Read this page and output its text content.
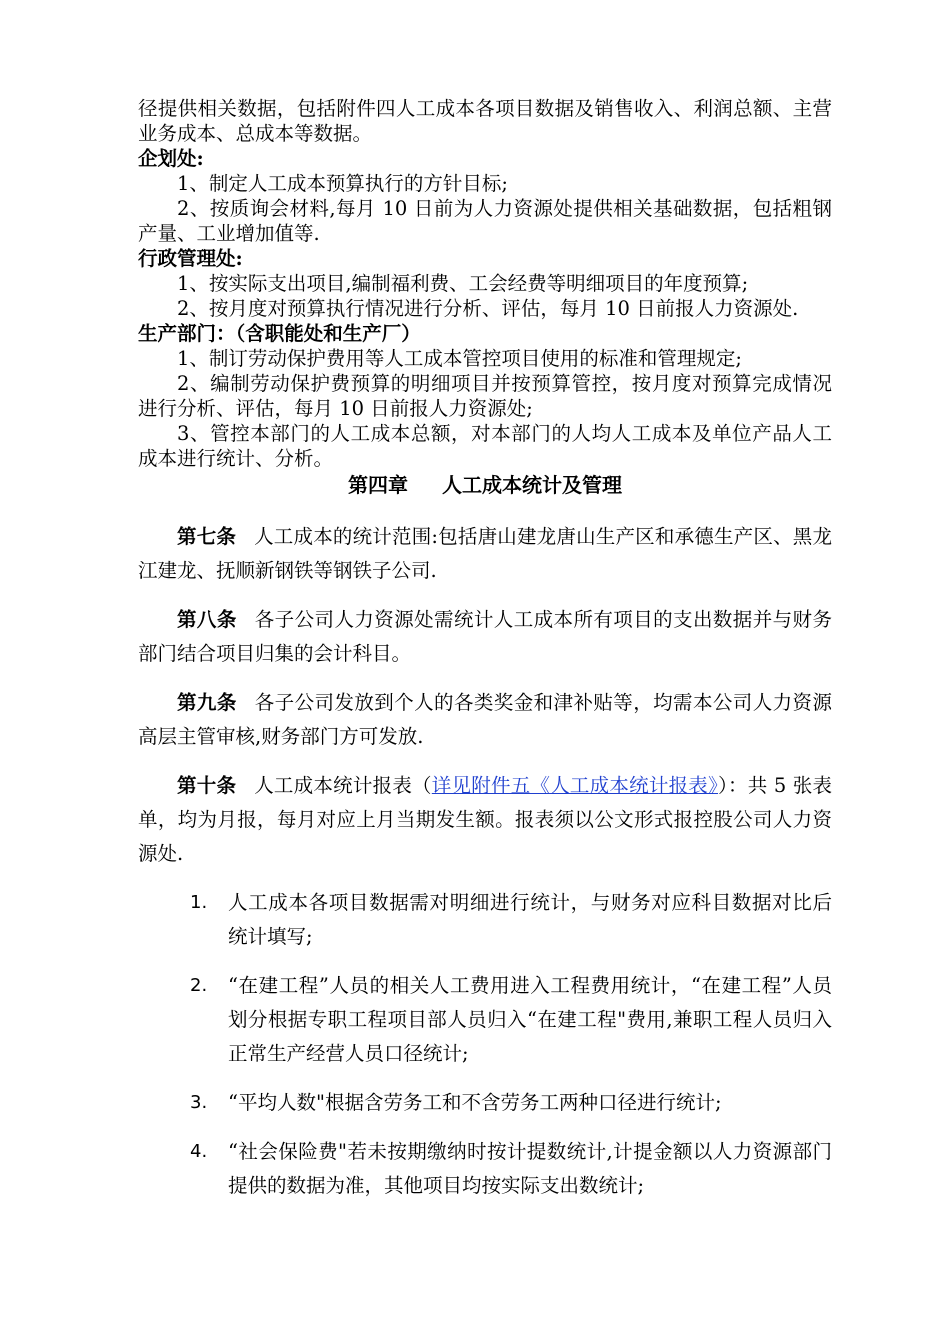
径提供相关数据，包括附件四人工成本各项目数据及销售收入、利润总额、主营业务成本、总成本等数据。

企划处:

1、制定人工成本预算执行的方针目标;

2、按质询会材料,每月 10 日前为人力资源处提供相关基础数据，包括粗钢产量、工业增加值等.

行政管理处:

1、按实际支出项目,编制福利费、工会经费等明细项目的年度预算;

2、按月度对预算执行情况进行分析、评估，每月 10 日前报人力资源处.

生产部门：（含职能处和生产厂）

1、制订劳动保护费用等人工成本管控项目使用的标准和管理规定;

2、编制劳动保护费预算的明细项目并按预算管控，按月度对预算完成情况进行分析、评估，每月 10 日前报人力资源处;

3、管控本部门的人工成本总额，对本部门的人均人工成本及单位产品人工成本进行统计、分析。

第四章 人工成本统计及管理

第七条 人工成本的统计范围:包括唐山建龙唐山生产区和承德生产区、黑龙江建龙、抚顺新钢铁等钢铁子公司.

第八条 各子公司人力资源处需统计人工成本所有项目的支出数据并与财务部门结合项目归集的会计科目。

第九条 各子公司发放到个人的各类奖金和津补贴等，均需本公司人力资源高层主管审核,财务部门方可发放.

第十条 人工成本统计报表（详见附件五《人工成本统计报表》）：共 5 张表单，均为月报，每月对应上月当期发生额。报表须以公文形式报控股公司人力资源处.

1. 人工成本各项目数据需对明细进行统计，与财务对应科目数据对比后统计填写;
2. “在建工程”人员的相关人工费用进入工程费用统计，“在建工程”人员划分根据专职工程项目部人员归入“在建工程"费用,兼职工程人员归入正常生产经营人员口径统计;
3. “平均人数"根据含劳务工和不含劳务工两种口径进行统计;
4. “社会保险费"若未按期缴纳时按计提数统计,计提金额以人力资源部门提供的数据为准，其他项目均按实际支出数统计;
